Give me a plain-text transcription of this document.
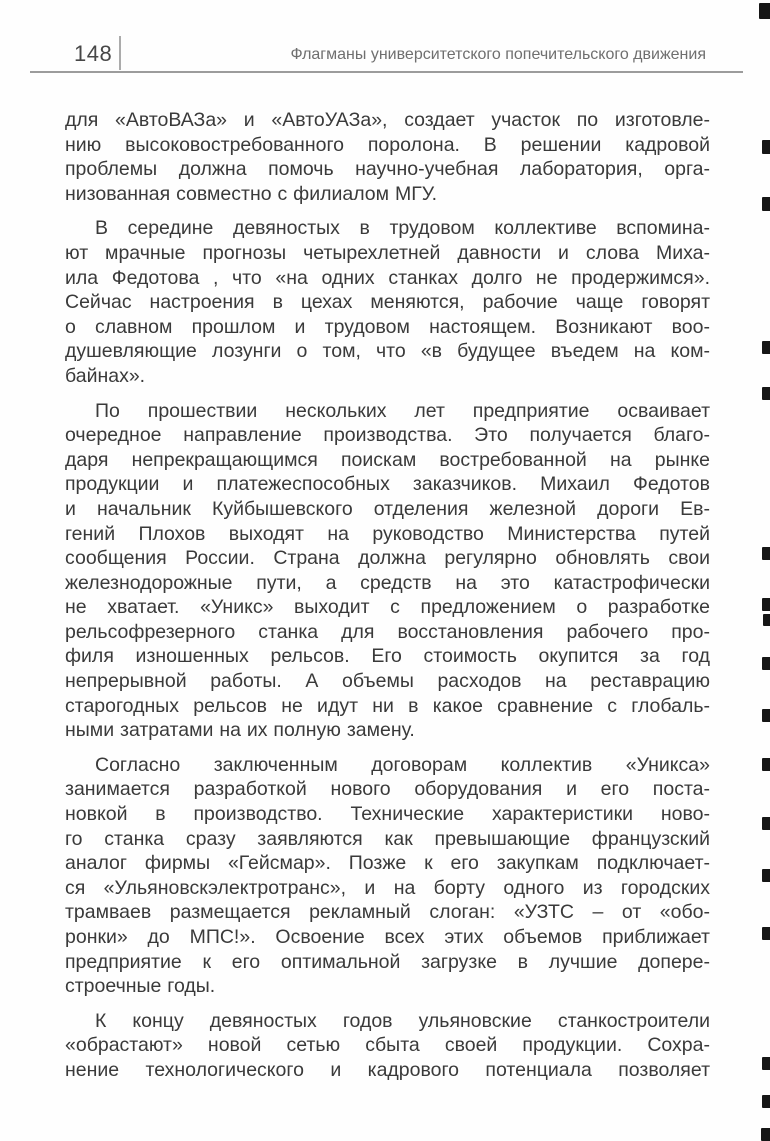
148	Флагманы университетского попечительского движения
для «АвтоВАЗа» и «АвтоУАЗа», создает участок по изготовле-
нию высоковостребованного поролона. В решении кадровой
проблемы должна помочь научно-учебная лаборатория, орга-
низованная совместно с филиалом МГУ.
В середине девяностых в трудовом коллективе вспомина-
ют мрачные прогнозы четырехлетней давности и слова Миха-
ила Федотова , что «на одних станках долго не продержимся».
Сейчас настроения в цехах меняются, рабочие чаще говорят
о славном прошлом и трудовом настоящем. Возникают воо-
душевляющие лозунги о том, что «в будущее въедем на ком-
байнах».
По прошествии нескольких лет предприятие осваивает
очередное направление производства. Это получается благо-
даря непрекращающимся поискам востребованной на рынке
продукции и платежеспособных заказчиков. Михаил Федотов
и начальник Куйбышевского отделения железной дороги Ев-
гений Плохов выходят на руководство Министерства путей
сообщения России. Страна должна регулярно обновлять свои
железнодорожные пути, а средств на это катастрофически
не хватает. «Уникс» выходит с предложением о разработке
рельсофрезерного станка для восстановления рабочего про-
филя изношенных рельсов. Его стоимость окупится за год
непрерывной работы. А объемы расходов на реставрацию
старогодных рельсов не идут ни в какое сравнение с глобаль-
ными затратами на их полную замену.
Согласно заключенным договорам коллектив «Уникса»
занимается разработкой нового оборудования и его поста-
новкой в производство. Технические характеристики ново-
го станка сразу заявляются как превышающие французский
аналог фирмы «Гейсмар». Позже к его закупкам подключает-
ся «Ульяновскэлектротранс», и на борту одного из городских
трамваев размещается рекламный слоган: «УЗТС – от «обо-
ронки» до МПС!». Освоение всех этих объемов приближает
предприятие к его оптимальной загрузке в лучшие допере-
строечные годы.
К концу девяностых годов ульяновские станкостроители
«обрастают» новой сетью сбыта своей продукции. Сохра-
нение технологического и кадрового потенциала позволяет
